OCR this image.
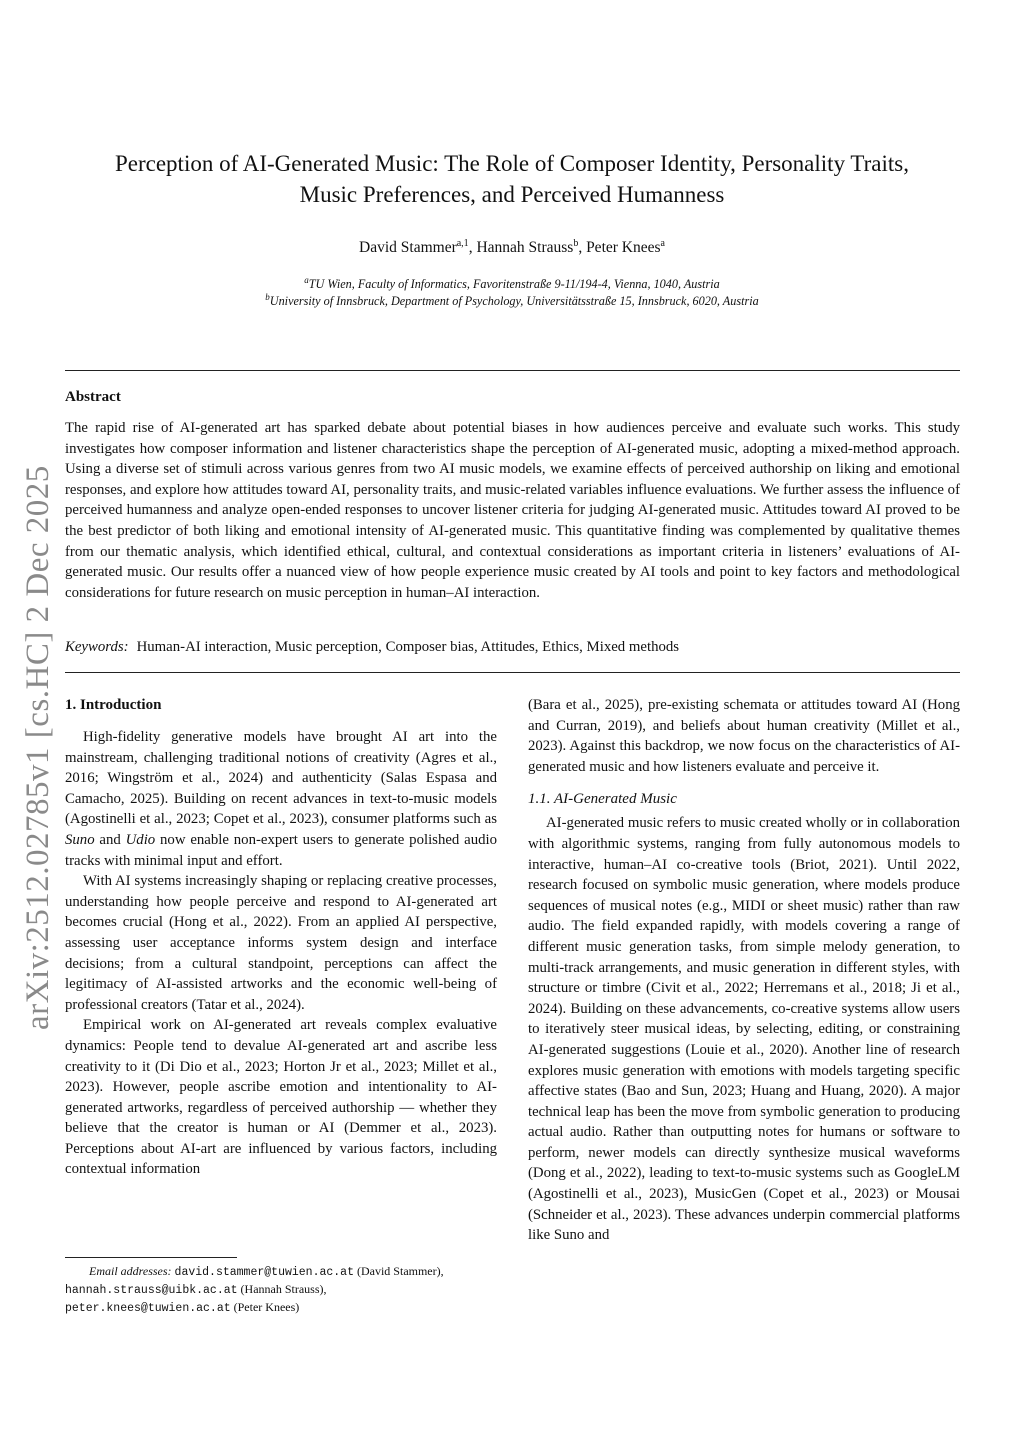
Perception of AI-Generated Music: The Role of Composer Identity, Personality Traits,
Music Preferences, and Perceived Humanness
David Stammer$^{a,1}$, Hannah Strauss$^b$, Peter Knees$^a$
$^a$TU Wien, Faculty of Informatics, Favoritenstraße 9-11/194-4, Vienna, 1040, Austria
$^b$University of Innsbruck, Department of Psychology, Universitätsstraße 15, Innsbruck, 6020, Austria
Abstract
The rapid rise of AI-generated art has sparked debate about potential biases in how audiences perceive and evaluate such works. This study investigates how composer information and listener characteristics shape the perception of AI-generated music, adopting a mixed-method approach. Using a diverse set of stimuli across various genres from two AI music models, we examine effects of perceived authorship on liking and emotional responses, and explore how attitudes toward AI, personality traits, and music-related variables influence evaluations. We further assess the influence of perceived humanness and analyze open-ended responses to uncover listener criteria for judging AI-generated music. Attitudes toward AI proved to be the best predictor of both liking and emotional intensity of AI-generated music. This quantitative finding was complemented by qualitative themes from our thematic analysis, which identified ethical, cultural, and contextual considerations as important criteria in listeners’ evaluations of AI-generated music. Our results offer a nuanced view of how people experience music created by AI tools and point to key factors and methodological considerations for future research on music perception in human–AI interaction.
Keywords: Human-AI interaction, Music perception, Composer bias, Attitudes, Ethics, Mixed methods
1. Introduction

High-fidelity generative models have brought AI art into the mainstream, challenging traditional notions of creativity (Agres et al., 2016; Wingström et al., 2024) and authenticity (Salas Espasa and Camacho, 2025). Building on recent advances in text-to-music models (Agostinelli et al., 2023; Copet et al., 2023), consumer platforms such as Suno and Udio now enable non-expert users to generate polished audio tracks with minimal input and effort.

With AI systems increasingly shaping or replacing creative processes, understanding how people perceive and respond to AI-generated art becomes crucial (Hong et al., 2022). From an applied AI perspective, assessing user acceptance informs system design and interface decisions; from a cultural standpoint, perceptions can affect the legitimacy of AI-assisted artworks and the economic well-being of professional creators (Tatar et al., 2024).

Empirical work on AI-generated art reveals complex evaluative dynamics: People tend to devalue AI-generated art and ascribe less creativity to it (Di Dio et al., 2023; Horton Jr et al., 2023; Millet et al., 2023). However, people ascribe emotion and intentionality to AI-generated artworks, regardless of perceived authorship — whether they believe that the creator is human or AI (Demmer et al., 2023). Perceptions about AI-art are influenced by various factors, including contextual information

(Bara et al., 2025), pre-existing schemata or attitudes toward AI (Hong and Curran, 2019), and beliefs about human creativity (Millet et al., 2023). Against this backdrop, we now focus on the characteristics of AI-generated music and how listeners evaluate and perceive it.

1.1. AI-Generated Music

AI-generated music refers to music created wholly or in collaboration with algorithmic systems, ranging from fully autonomous models to interactive, human–AI co-creative tools (Briot, 2021). Until 2022, research focused on symbolic music generation, where models produce sequences of musical notes (e.g., MIDI or sheet music) rather than raw audio. The field expanded rapidly, with models covering a range of different music generation tasks, from simple melody generation, to multi-track arrangements, and music generation in different styles, with structure or timbre (Civit et al., 2022; Herremans et al., 2018; Ji et al., 2024). Building on these advancements, co-creative systems allow users to iteratively steer musical ideas, by selecting, editing, or constraining AI-generated suggestions (Louie et al., 2020). Another line of research explores music generation with emotions with models targeting specific affective states (Bao and Sun, 2023; Huang and Huang, 2020). A major technical leap has been the move from symbolic generation to producing actual audio. Rather than outputting notes for humans or software to perform, newer models can directly synthesize musical waveforms (Dong et al., 2022), leading to text-to-music systems such as GoogleLM (Agostinelli et al., 2023), MusicGen (Copet et al., 2023) or Mousai (Schneider et al., 2023). These advances underpin commercial platforms like Suno and

Email addresses: david.stammer@tuwien.ac.at (David Stammer),
hannah.strauss@uibk.ac.at (Hannah Strauss),
peter.knees@tuwien.ac.at (Peter Knees)
arXiv:2512.02785v1 [cs.HC] 2 Dec 2025
